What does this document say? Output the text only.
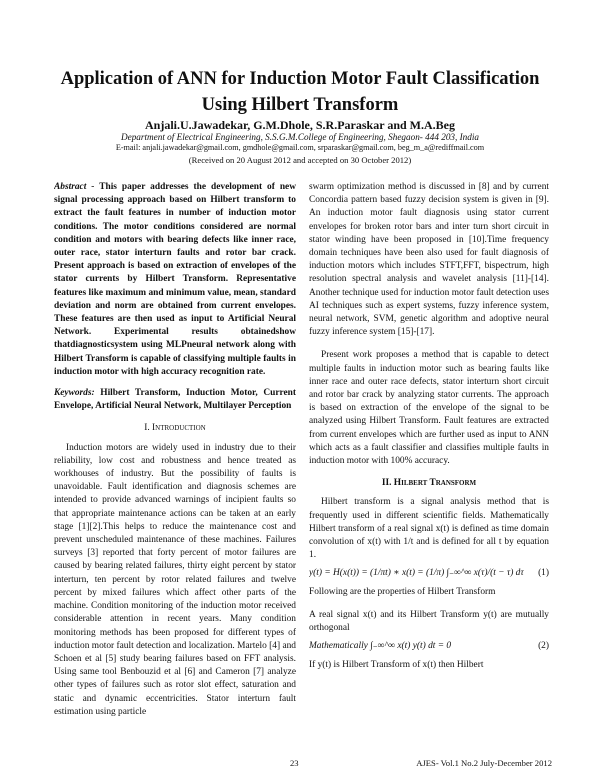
Application of ANN for Induction Motor Fault Classification
Using Hilbert Transform

Anjali.U.Jawadekar, G.M.Dhole, S.R.Paraskar and M.A.Beg

Department of Electrical Engineering, S.S.G.M.College of Engineering, Shegaon- 444 203, India

E-mail: anjali.jawadekar@gmail.com, gmdhole@gmail.com, srparaskar@gmail.com, beg_m_a@rediffmail.com

(Received on 20 August 2012 and accepted on 30 October 2012)

Abstract - This paper addresses the development of new signal processing approach based on Hilbert transform to extract the fault features in number of induction motor conditions. The motor conditions considered are normal condition and motors with bearing defects like inner race, outer race, stator interturn faults and rotor bar crack. Present approach is based on extraction of envelopes of the stator currents by Hilbert Transform. Representative features like maximum and minimum value, mean, standard deviation and norm are obtained from current envelopes. These features are then used as input to Artificial Neural Network. Experimental results obtainedshow thatdiagnosticsystem using MLPneural network along with Hilbert Transform is capable of classifying multiple faults in induction motor with high accuracy recognition rate.

Keywords: Hilbert Transform, Induction Motor, Current Envelope, Artificial Neural Network, Multilayer Perception

I. Introduction

Induction motors are widely used in industry due to their reliability, low cost and robustness and hence treated as workhouses of industry. But the possibility of faults is unavoidable. Fault identification and diagnosis schemes are intended to provide advanced warnings of incipient faults so that appropriate maintenance actions can be taken at an early stage [1][2].This helps to reduce the maintenance cost and prevent unscheduled maintenance of these machines. Failures surveys [3] reported that forty percent of motor failures are caused by bearing related failures, thirty eight percent by stator interturn, ten percent by rotor related failures and twelve percent by mixed failures which affect other parts of the machine. Condition monitoring of the induction motor received considerable attention in recent years. Many condition monitoring methods has been proposed for different types of induction motor fault detection and localization. Martelo [4] and Schoen et al [5] study bearing failures based on FFT analysis. Using same tool Benbouzid et al [6] and Cameron [7] analyze other types of failures such as rotor slot effect, saturation and static and dynamic eccentricities. Stator interturn fault estimation using particle

swarm optimization method is discussed in [8] and by current Concordia pattern based fuzzy decision system is given in [9]. An induction motor fault diagnosis using stator current envelopes for broken rotor bars and inter turn short circuit in stator winding have been proposed in [10].Time frequency domain techniques have been also used for fault diagnosis of induction motors which includes STFT,FFT, bispectrum, high resolution spectral analysis and wavelet analysis [11]-[14]. Another technique used for induction motor fault detection uses AI techniques such as expert systems, fuzzy inference system, neural network, SVM, genetic algorithm and adoptive neural fuzzy inference system [15]-[17].

Present work proposes a method that is capable to detect multiple faults in induction motor such as bearing faults like inner race and outer race defects, stator interturn short circuit and rotor bar crack by analyzing stator currents. The approach is based on extraction of the envelope of the signal to be analyzed using Hilbert Transform. Fault features are extracted from current envelopes which are further used as input to ANN which acts as a fault classifier and classifies multiple faults in induction motor with 100% accuracy.

II. Hilbert Transform

Hilbert transform is a signal analysis method that is frequently used in different scientific fields. Mathematically Hilbert transform of a real signal x(t) is defined as time domain convolution of x(t) with 1/t and is defined for all t by equation 1.

y(t) = H(x(t)) = (1/πt) ∗ x(t) = (1/π) ∫₋∞^∞ x(τ)/(t − τ) dτ (1)

Following are the properties of Hilbert Transform

A real signal x(t) and its Hilbert Transform y(t) are mutually orthogonal

Mathematically ∫₋∞^∞ x(t) y(t) dt = 0	(2)

If y(t) is Hilbert Transform of x(t) then Hilbert

23	AJES- Vol.1 No.2 July-December 2012
